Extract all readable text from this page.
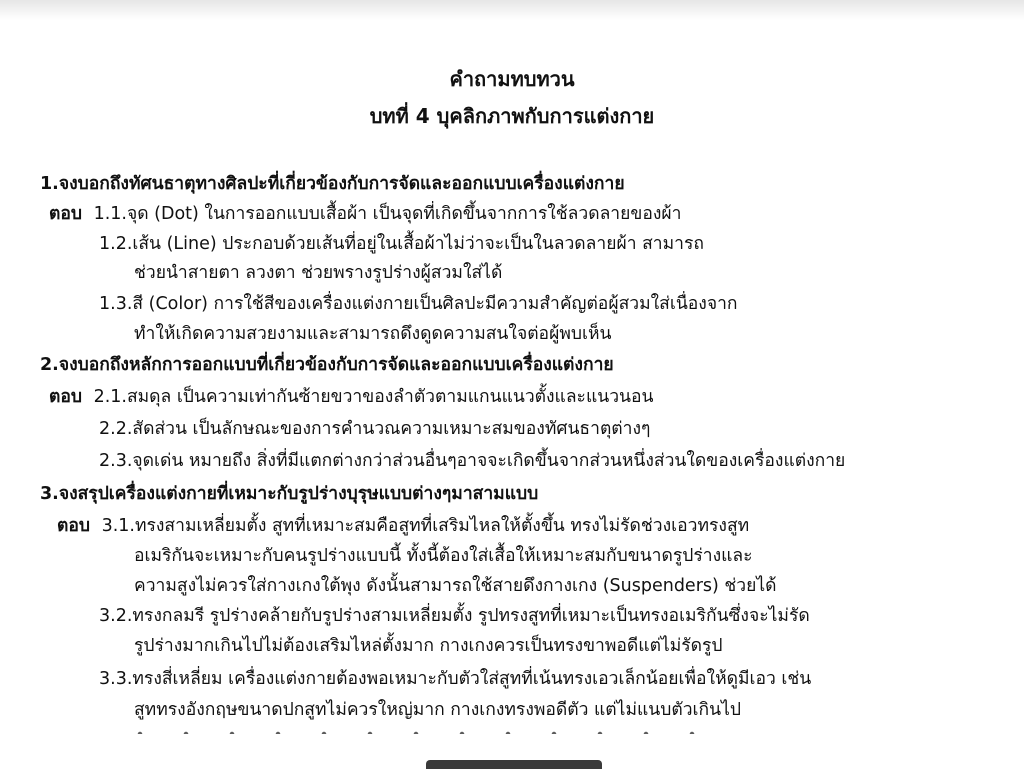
คำถามทบทวน
บทที่ 4 บุคลิกภาพกับการแต่งกาย
1.จงบอกถึงทัศนธาตุทางศิลปะที่เกี่ยวข้องกับการจัดและออกแบบเครื่องแต่งกาย
ตอบ 1.1.จุด (Dot) ในการออกแบบเสื้อผ้า เป็นจุดที่เกิดขึ้นจากการใช้ลวดลายของผ้า
1.2.เส้น (Line) ประกอบด้วยเส้นที่อยู่ในเสื้อผ้าไม่ว่าจะเป็นในลวดลายผ้า สามารถ
ช่วยนำสายตา ลวงตา ช่วยพรางรูปร่างผู้สวมใส่ได้
1.3.สี (Color) การใช้สีของเครื่องแต่งกายเป็นศิลปะมีความสำคัญต่อผู้สวมใส่เนื่องจาก
ทำให้เกิดความสวยงามและสามารถดึงดูดความสนใจต่อผู้พบเห็น
2.จงบอกถึงหลักการออกแบบที่เกี่ยวข้องกับการจัดและออกแบบเครื่องแต่งกาย
ตอบ 2.1.สมดุล เป็นความเท่ากันซ้ายขวาของลำตัวตามแกนแนวตั้งและแนวนอน
2.2.สัดส่วน เป็นลักษณะของการคำนวณความเหมาะสมของทัศนธาตุต่างๆ
2.3.จุดเด่น หมายถึง สิ่งที่มีแตกต่างกว่าส่วนอื่นๆอาจจะเกิดขึ้นจากส่วนหนึ่งส่วนใดของเครื่องแต่งกาย
3.จงสรุปเครื่องแต่งกายที่เหมาะกับรูปร่างบุรุษแบบต่างๆมาสามแบบ
ตอบ 3.1.ทรงสามเหลี่ยมตั้ง สูทที่เหมาะสมคือสูทที่เสริมไหลให้ตั้งขึ้น ทรงไม่รัดช่วงเอวทรงสูท
อเมริกันจะเหมาะกับคนรูปร่างแบบนี้ ทั้งนี้ต้องใส่เสื้อให้เหมาะสมกับขนาดรูปร่างและ
ความสูงไม่ควรใส่กางเกงใต้พุง ดังนั้นสามารถใช้สายดึงกางเกง (Suspenders) ช่วยได้
3.2.ทรงกลมรี รูปร่างคล้ายกับรูปร่างสามเหลี่ยมตั้ง รูปทรงสูทที่เหมาะเป็นทรงอเมริกันซึ่งจะไม่รัด
รูปร่างมากเกินไปไม่ต้องเสริมไหล่ตั้งมาก กางเกงควรเป็นทรงขาพอดีแต่ไม่รัดรูป
3.3.ทรงสี่เหลี่ยม เครื่องแต่งกายต้องพอเหมาะกับตัวใส่สูทที่เน้นทรงเอวเล็กน้อยเพื่อให้ดูมีเอว เช่น
สูททรงอังกฤษขนาดปกสูทไม่ควรใหญ่มาก กางเกงทรงพอดีตัว แต่ไม่แนบตัวเกินไป
